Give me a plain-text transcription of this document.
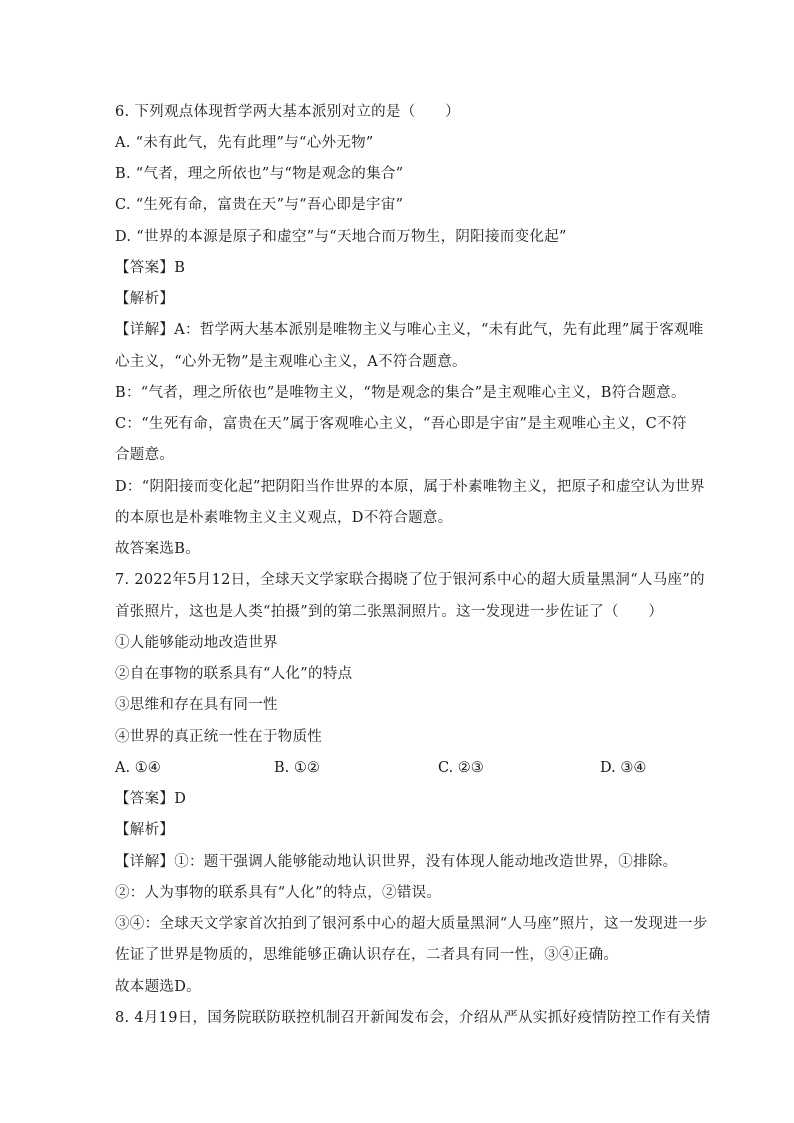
6. 下列观点体现哲学两大基本派别对立的是（　　）
A. “未有此气，先有此理”与“心外无物”
B. “气者，理之所依也”与“物是观念的集合”
C. “生死有命，富贵在天”与“吾心即是宇宙”
D. “世界的本源是原子和虚空”与“天地合而万物生，阴阳接而变化起”
【答案】B
【解析】
【详解】A：哲学两大基本派别是唯物主义与唯心主义，“未有此气，先有此理”属于客观唯
心主义，“心外无物”是主观唯心主义，A不符合题意。
B：“气者，理之所依也”是唯物主义，“物是观念的集合”是主观唯心主义，B符合题意。
C：“生死有命，富贵在天”属于客观唯心主义，“吾心即是宇宙”是主观唯心主义，C不符
合题意。
D：“阴阳接而变化起”把阴阳当作世界的本原，属于朴素唯物主义，把原子和虚空认为世界
的本原也是朴素唯物主义主义观点，D不符合题意。
故答案选B。
7. 2022年5月12日，全球天文学家联合揭晓了位于银河系中心的超大质量黑洞“人马座”的
首张照片，这也是人类“拍摄”到的第二张黑洞照片。这一发现进一步佐证了（　　）
①人能够能动地改造世界
②自在事物的联系具有“人化”的特点
③思维和存在具有同一性
④世界的真正统一性在于物质性
A. ①④	B. ①②	C. ②③	D. ③④
【答案】D
【解析】
【详解】①：题干强调人能够能动地认识世界，没有体现人能动地改造世界，①排除。
②：人为事物的联系具有“人化”的特点，②错误。
③④：全球天文学家首次拍到了银河系中心的超大质量黑洞“人马座”照片，这一发现进一步
佐证了世界是物质的，思维能够正确认识存在，二者具有同一性，③④正确。
故本题选D。
8. 4月19日，国务院联防联控机制召开新闻发布会，介绍从严从实抓好疫情防控工作有关情
